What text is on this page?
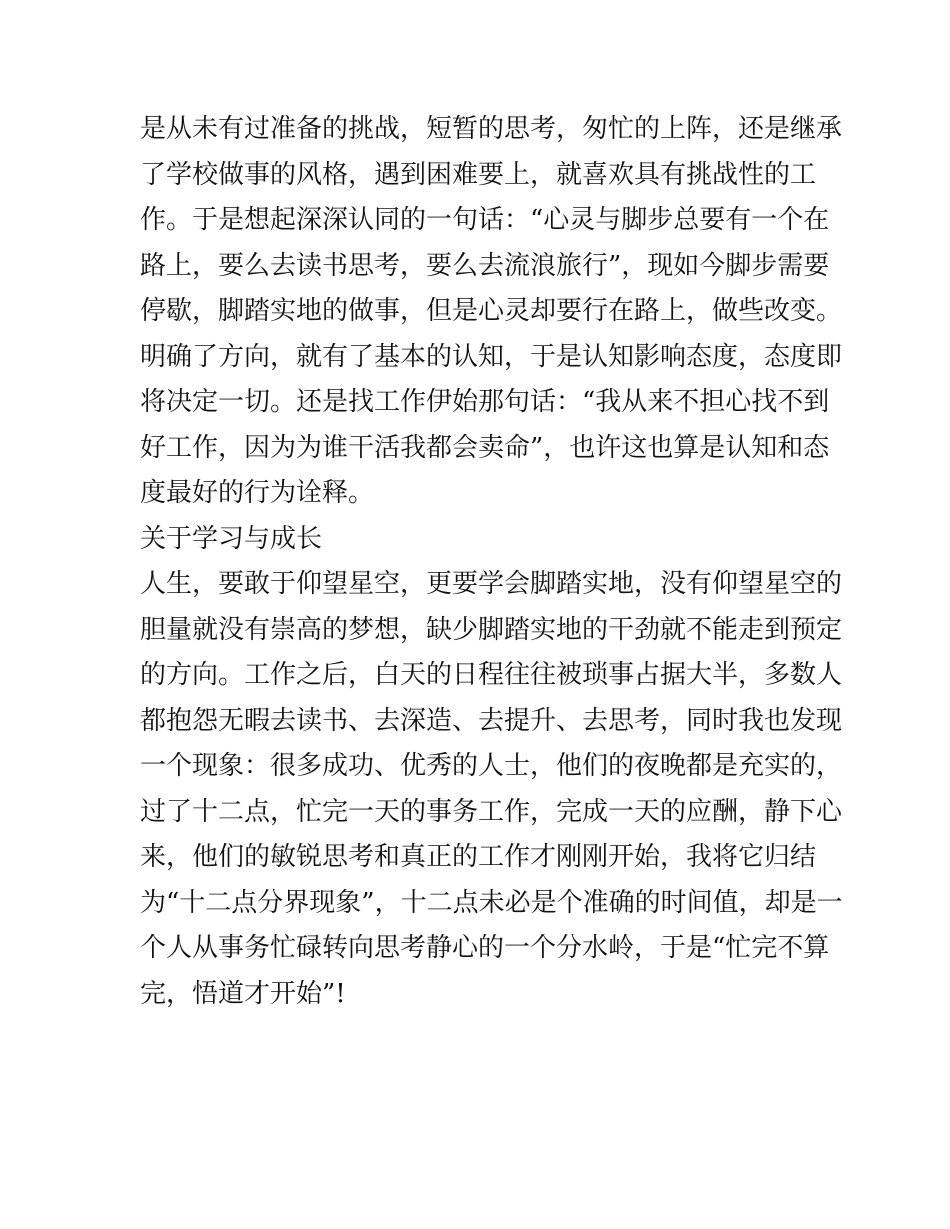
是从未有过准备的挑战，短暂的思考，匆忙的上阵，还是继承
了学校做事的风格，遇到困难要上，就喜欢具有挑战性的工
作。于是想起深深认同的一句话：“心灵与脚步总要有一个在
路上，要么去读书思考，要么去流浪旅行”，现如今脚步需要
停歇，脚踏实地的做事，但是心灵却要行在路上，做些改变。
明确了方向，就有了基本的认知，于是认知影响态度，态度即
将决定一切。还是找工作伊始那句话：“我从来不担心找不到
好工作，因为为谁干活我都会卖命”，也许这也算是认知和态
度最好的行为诠释。
关于学习与成长
人生，要敢于仰望星空，更要学会脚踏实地，没有仰望星空的
胆量就没有崇高的梦想，缺少脚踏实地的干劲就不能走到预定
的方向。工作之后，白天的日程往往被琐事占据大半，多数人
都抱怨无暇去读书、去深造、去提升、去思考，同时我也发现
一个现象：很多成功、优秀的人士，他们的夜晚都是充实的，
过了十二点，忙完一天的事务工作，完成一天的应酬，静下心
来，他们的敏锐思考和真正的工作才刚刚开始，我将它归结
为“十二点分界现象”，十二点未必是个准确的时间值，却是一
个人从事务忙碌转向思考静心的一个分水岭，于是“忙完不算
完，悟道才开始”!
